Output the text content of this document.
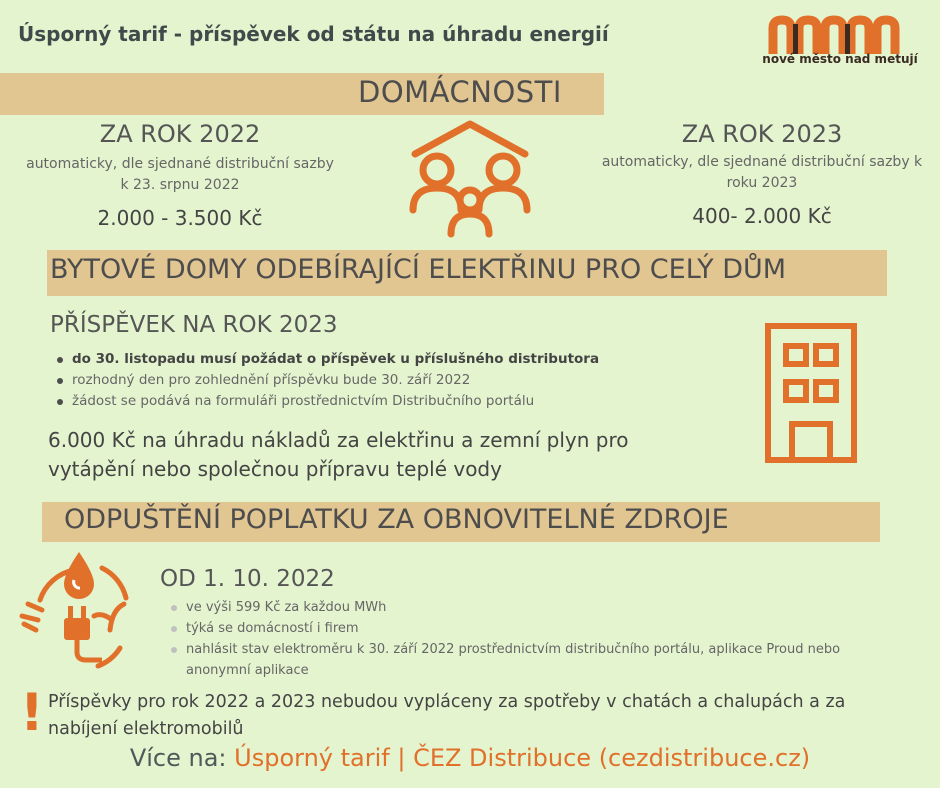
Úsporný tarif - příspěvek od státu na úhradu energií
nové město nad metují
DOMÁCNOSTI
ZA ROK 2022
automaticky, dle sjednané distribuční sazby k 23. srpnu 2022
2.000 - 3.500 Kč
ZA ROK 2023
automaticky, dle sjednané distribuční sazby k roku 2023
400- 2.000 Kč
BYTOVÉ DOMY ODEBÍRAJÍCÍ ELEKTŘINU PRO CELÝ DŮM
PŘÍSPĚVEK NA ROK 2023
do 30. listopadu musí požádat o příspěvek u příslušného distributora
rozhodný den pro zohlednění příspěvku bude 30. září 2022
žádost se podává na formuláři prostřednictvím Distribučního portálu
6.000 Kč na úhradu nákladů za elektřinu a zemní plyn pro vytápění nebo společnou přípravu teplé vody
ODPUŠTĚNÍ POPLATKU ZA OBNOVITELNÉ ZDROJE
OD 1. 10. 2022
ve výši 599 Kč za každou MWh
týká se domácností i firem
nahlásit stav elektroměru k 30. září 2022 prostřednictvím distribučního portálu, aplikace Proud nebo anonymní aplikace
! Příspěvky pro rok 2022 a 2023 nebudou vypláceny za spotřeby v chatách a chalupách a za nabíjení elektromobilů
Více na: Úsporný tarif | ČEZ Distribuce (cezdistribuce.cz)
